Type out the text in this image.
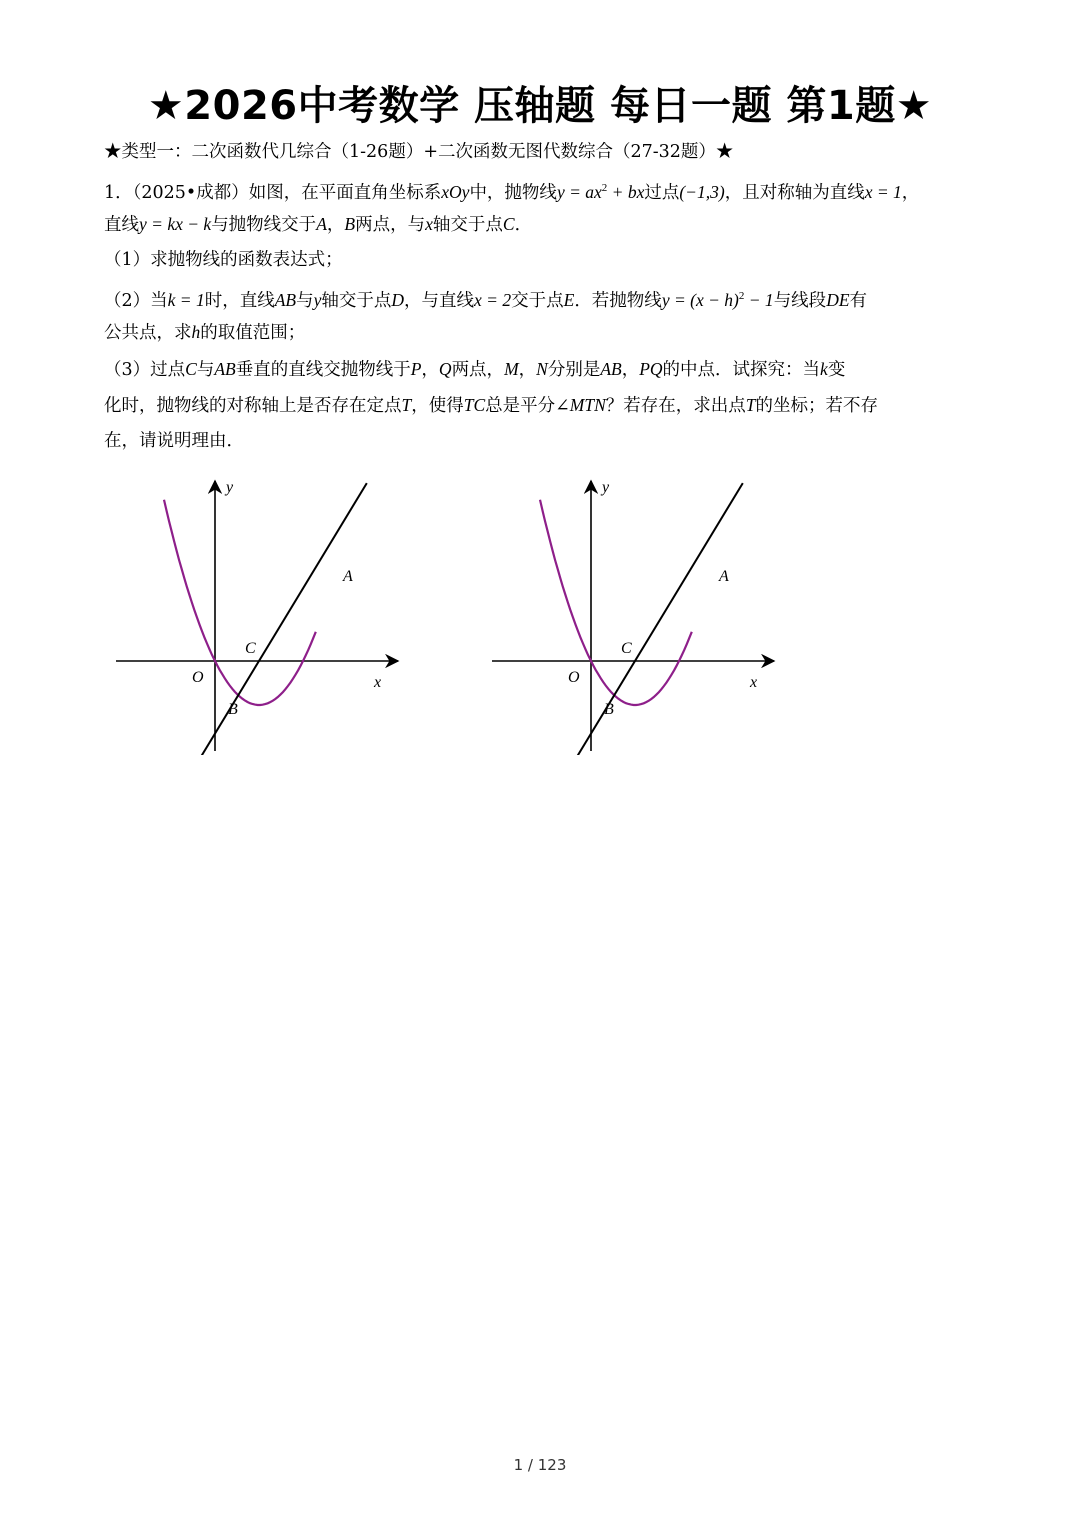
★2026中考数学 压轴题 每日一题 第1题★
★类型一：二次函数代几综合（1-26题）+二次函数无图代数综合（27-32题）★
1．（2025•成都）如图，在平面直角坐标系xOy中，抛物线$y = ax^2$ + bx过点(−1,3)，且对称轴为直线x = 1，
直线y = kx − k与抛物线交于A，B两点，与x轴交于点C．
（1）求抛物线的函数表达式；
（2）当k = 1时，直线AB与y轴交于点D，与直线x = 2交于点E．若抛物线$y = (x - h)^2 - 1$与线段DE有
公共点，求h的取值范围；
（3）过点C与AB垂直的直线交抛物线于P，Q两点，M，N分别是AB，PQ的中点．试探究：当k变
化时，抛物线的对称轴上是否存在定点T，使得TC总是平分∠MTN？若存在，求出点T的坐标；若不存
在，请说明理由．
y
x
O
A
B
C
y
x
O
A
B
C
1 / 123
